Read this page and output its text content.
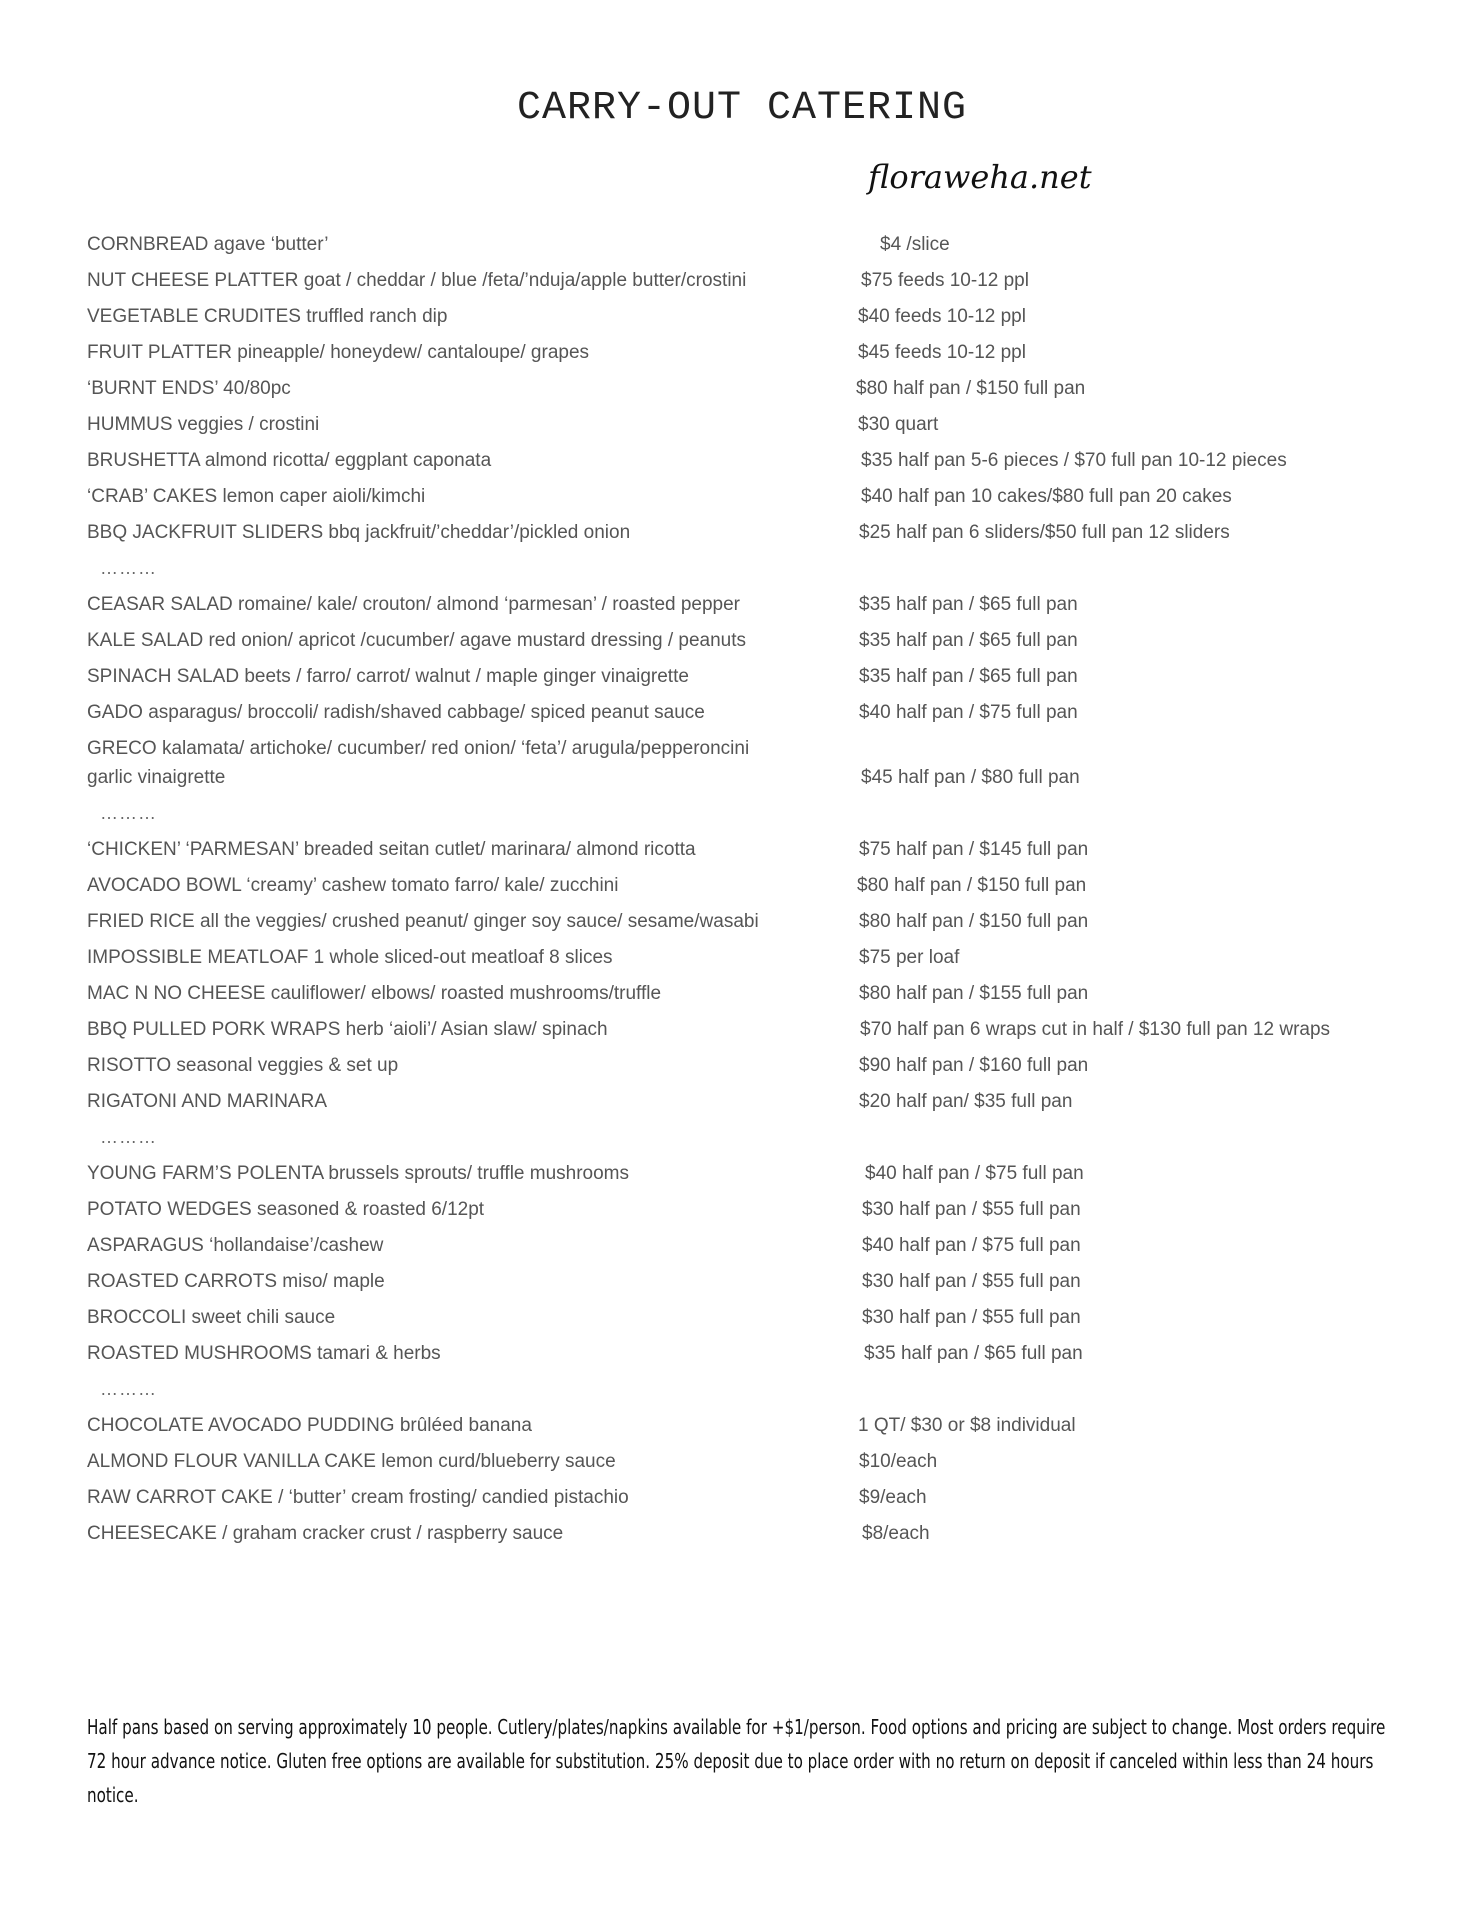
CARRY-OUT CATERING
floraweha.net
CORNBREAD agave ‘butter’	$4 /slice
NUT CHEESE PLATTER goat / cheddar / blue /feta/’nduja/apple butter/crostini	$75 feeds 10-12 ppl
VEGETABLE CRUDITES truffled ranch dip	$40 feeds 10-12 ppl
FRUIT PLATTER pineapple/ honeydew/ cantaloupe/ grapes	$45 feeds 10-12 ppl
‘BURNT ENDS’ 40/80pc	$80 half pan / $150 full pan
HUMMUS veggies / crostini	$30 quart
BRUSHETTA almond ricotta/ eggplant caponata	$35 half pan 5-6 pieces / $70 full pan 10-12 pieces
‘CRAB’ CAKES lemon caper aioli/kimchi	$40 half pan 10 cakes/$80 full pan 20 cakes
BBQ JACKFRUIT SLIDERS bbq jackfruit/’cheddar’/pickled onion	$25 half pan 6 sliders/$50 full pan 12 sliders
CEASAR SALAD romaine/ kale/ crouton/ almond ‘parmesan’ / roasted pepper	$35 half pan / $65 full pan
KALE SALAD red onion/ apricot /cucumber/ agave mustard dressing / peanuts	$35 half pan / $65 full pan
SPINACH SALAD beets / farro/ carrot/ walnut / maple ginger vinaigrette	$35 half pan / $65 full pan
GADO asparagus/ broccoli/ radish/shaved cabbage/ spiced peanut sauce	$40 half pan / $75 full pan
GRECO kalamata/ artichoke/ cucumber/ red onion/ ‘feta’/ arugula/pepperoncini
garlic vinaigrette	$45 half pan / $80 full pan
‘CHICKEN’ ‘PARMESAN’ breaded seitan cutlet/ marinara/ almond ricotta	$75 half pan / $145 full pan
AVOCADO BOWL ‘creamy’ cashew tomato farro/ kale/ zucchini	$80 half pan / $150 full pan
FRIED RICE all the veggies/ crushed peanut/ ginger soy sauce/ sesame/wasabi	$80 half pan / $150 full pan
IMPOSSIBLE MEATLOAF 1 whole sliced-out meatloaf 8 slices	$75 per loaf
MAC N NO CHEESE cauliflower/ elbows/ roasted mushrooms/truffle	$80 half pan / $155 full pan
BBQ PULLED PORK WRAPS herb ‘aioli’/ Asian slaw/ spinach	$70 half pan 6 wraps cut in half / $130 full pan 12 wraps
RISOTTO seasonal veggies & set up	$90 half pan / $160 full pan
RIGATONI AND MARINARA	$20 half pan/ $35 full pan
YOUNG FARM’S POLENTA brussels sprouts/ truffle mushrooms	$40 half pan / $75 full pan
POTATO WEDGES seasoned & roasted 6/12pt	$30 half pan / $55 full pan
ASPARAGUS ‘hollandaise’/cashew	$40 half pan / $75 full pan
ROASTED CARROTS miso/ maple	$30 half pan / $55 full pan
BROCCOLI sweet chili sauce	$30 half pan / $55 full pan
ROASTED MUSHROOMS tamari & herbs	$35 half pan / $65 full pan
CHOCOLATE AVOCADO PUDDING brûléed banana	1 QT/ $30 or $8 individual
ALMOND FLOUR VANILLA CAKE lemon curd/blueberry sauce	$10/each
RAW CARROT CAKE / ‘butter’ cream frosting/ candied pistachio	$9/each
CHEESECAKE / graham cracker crust / raspberry sauce	$8/each
………
………
………
………
Half pans based on serving approximately 10 people. Cutlery/plates/napkins available for +$1/person. Food options and pricing are subject to change. Most orders require 72 hour advance notice. Gluten free options are available for substitution. 25% deposit due to place order with no return on deposit if canceled within less than 24 hours notice.
